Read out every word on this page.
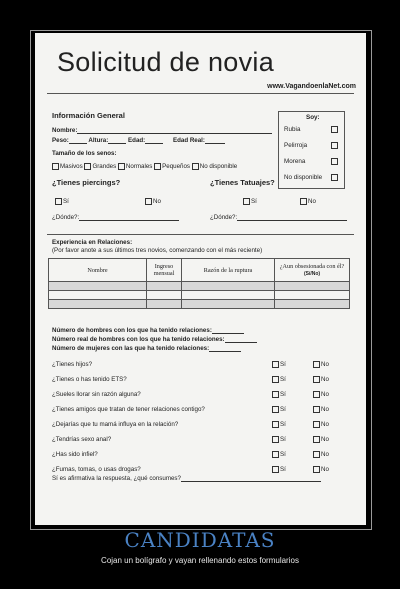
Solicitud de novia
www.VagandoenlaNet.com
Información General
Nombre:
Peso:	Altura:	Edad:	Edad Real:
Tamaño de los senos:
Masivos Grandes Normales Pequeños No disponible
Soy:
Rubia
Pelirroja
Morena
No disponible
¿Tienes piercings?	¿Tienes Tatuajes?
Sí	No	Sí	No
¿Dónde?:	¿Dónde?:
Experiencia en Relaciones:
(Por favor anote a sus últimos tres novios, comenzando con el más reciente)
Nombre	Ingreso mensual	Razón de la ruptura	¿Aun obsesionada con él?
(Sí/No)

Número de hombres con los que ha tenido relaciones:
Número real de hombres con los que ha tenido relaciones:
Número de mujeres con las que ha tenido relaciones:
¿Tienes hijos?	Sí	No
¿Tienes o has tenido ETS?	Sí	No
¿Sueles llorar sin razón alguna?	Sí	No
¿Tienes amigos que tratan de tener relaciones contigo?	Sí	No
¿Dejarías que tu mamá influya en la relación?	Sí	No
¿Tendrías sexo anal?	Sí	No
¿Has sido infiel?	Sí	No
¿Fumas, tomas, o usas drogas?	Sí	No
Sí es afirmativa la respuesta, ¿qué consumes?
CANDIDATAS
Cojan un bolígrafo y vayan rellenando estos formularios
